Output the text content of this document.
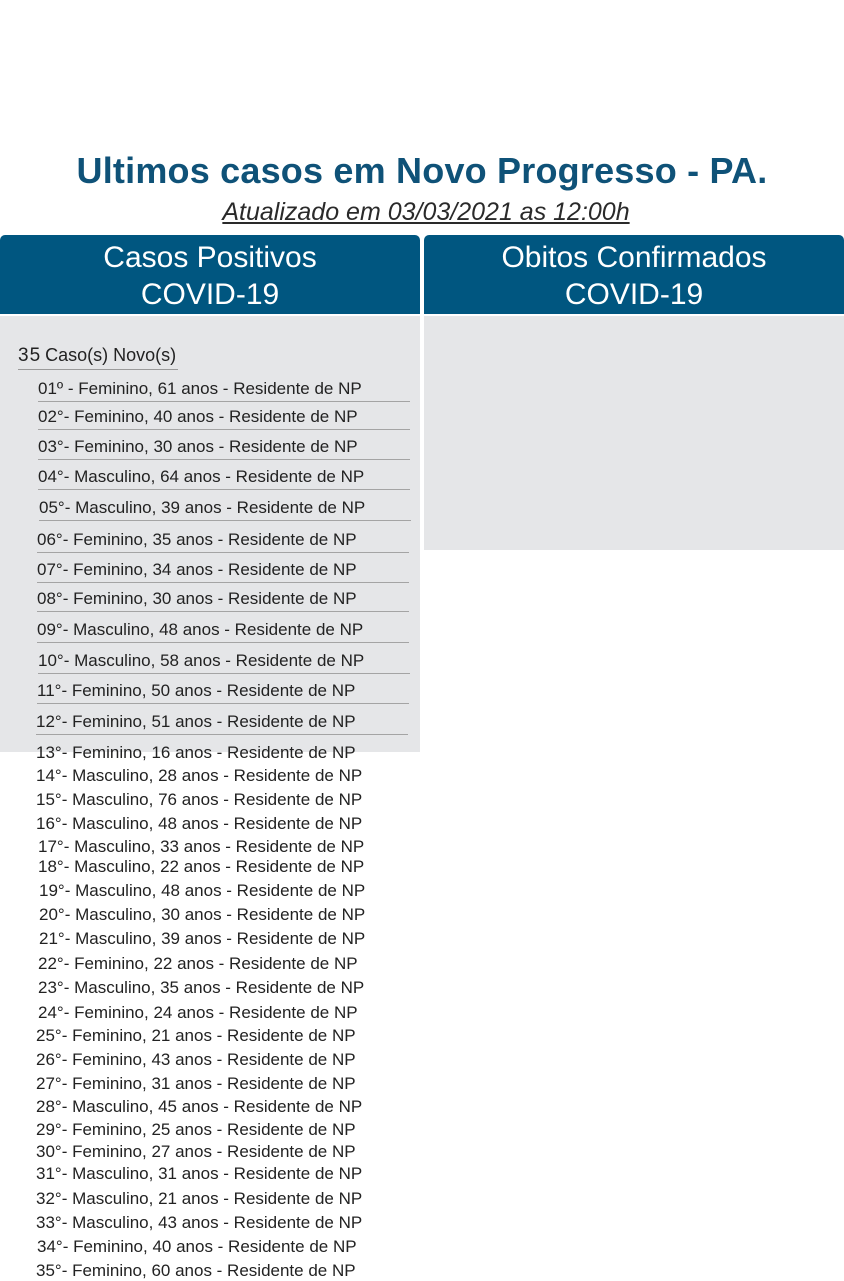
Ultimos casos em Novo Progresso - PA.
Atualizado em 03/03/2021 as 12:00h
Casos Positivos
COVID-19
Obitos Confirmados
COVID-19
35 Caso(s) Novo(s)
01º - Feminino, 61 anos - Residente de NP
02°- Feminino, 40 anos - Residente de NP
03°- Feminino, 30 anos - Residente de NP
04°- Masculino, 64 anos - Residente de NP
05°- Masculino, 39 anos - Residente de NP
06°- Feminino, 35 anos - Residente de NP
07°- Feminino, 34 anos - Residente de NP
08°- Feminino, 30 anos - Residente de NP
09°- Masculino, 48 anos - Residente de NP
10°- Masculino, 58 anos - Residente de NP
11°- Feminino, 50 anos - Residente de NP
12°- Feminino, 51 anos - Residente de NP
13°- Feminino, 16 anos - Residente de NP
14°- Masculino, 28 anos - Residente de NP
15°- Masculino, 76 anos - Residente de NP
16°- Masculino, 48 anos - Residente de NP
17°- Masculino, 33 anos - Residente de NP
18°- Masculino, 22 anos - Residente de NP
19°- Masculino, 48 anos - Residente de NP
20°- Masculino, 30 anos - Residente de NP
21°- Masculino, 39 anos - Residente de NP
22°- Feminino, 22 anos - Residente de NP
23°- Masculino, 35 anos - Residente de NP
24°- Feminino, 24 anos - Residente de NP
25°- Feminino, 21 anos - Residente de NP
26°- Feminino, 43 anos - Residente de NP
27°- Feminino, 31 anos - Residente de NP
28°- Masculino, 45 anos - Residente de NP
29°- Feminino, 25 anos - Residente de NP
30°- Feminino, 27 anos - Residente de NP
31°- Masculino, 31 anos - Residente de NP
32°- Masculino, 21 anos - Residente de NP
33°- Masculino, 43 anos - Residente de NP
34°- Feminino, 40 anos - Residente de NP
35°- Feminino, 60 anos - Residente de NP
